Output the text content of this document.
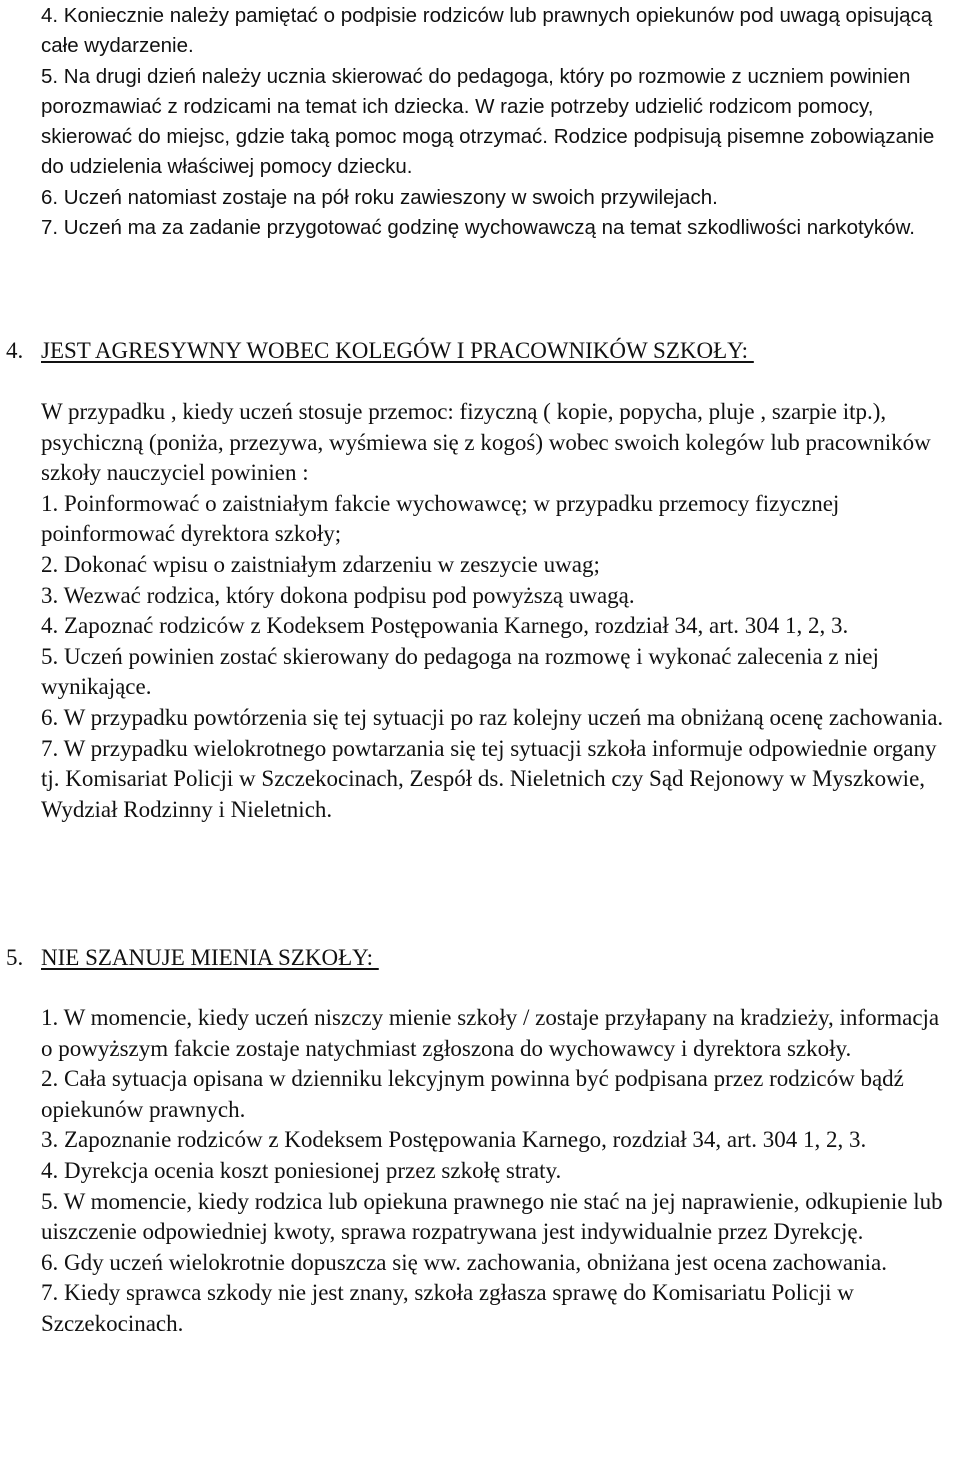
4. Koniecznie należy pamiętać o podpisie rodziców lub prawnych opiekunów pod uwagą opisującą całe wydarzenie.

5. Na drugi dzień należy ucznia skierować do pedagoga, który po rozmowie z uczniem powinien porozmawiać z rodzicami na temat ich dziecka. W razie potrzeby udzielić rodzicom pomocy, skierować do miejsc, gdzie taką pomoc mogą otrzymać. Rodzice podpisują pisemne zobowiązanie do udzielenia właściwej pomocy dziecku.

6. Uczeń natomiast zostaje na pół roku zawieszony w swoich przywilejach.

7. Uczeń ma za zadanie przygotować godzinę wychowawczą na temat szkodliwości narkotyków.

4. JEST AGRESYWNY WOBEC KOLEGÓW I PRACOWNIKÓW SZKOŁY:

W przypadku , kiedy uczeń stosuje przemoc: fizyczną ( kopie, popycha, pluje , szarpie itp.), psychiczną (poniża, przezywa, wyśmiewa się z kogoś) wobec swoich kolegów lub pracowników szkoły nauczyciel powinien :

1. Poinformować o zaistniałym fakcie wychowawcę; w przypadku przemocy fizycznej poinformować dyrektora szkoły;

2. Dokonać wpisu o zaistniałym zdarzeniu w zeszycie uwag;

3. Wezwać rodzica, który dokona podpisu pod powyższą uwagą.

4. Zapoznać rodziców z Kodeksem Postępowania Karnego, rozdział 34, art. 304 1, 2, 3.

5. Uczeń powinien zostać skierowany do pedagoga na rozmowę i wykonać zalecenia z niej wynikające.

6. W przypadku powtórzenia się tej sytuacji po raz kolejny uczeń ma obniżaną ocenę zachowania.

7. W przypadku wielokrotnego powtarzania się tej sytuacji szkoła informuje odpowiednie organy

tj. Komisariat Policji w Szczekocinach, Zespół ds. Nieletnich czy Sąd Rejonowy w Myszkowie, Wydział Rodzinny i Nieletnich.

5. NIE SZANUJE MIENIA SZKOŁY:

1. W momencie, kiedy uczeń niszczy mienie szkoły / zostaje przyłapany na kradzieży, informacja o powyższym fakcie zostaje natychmiast zgłoszona do wychowawcy i dyrektora szkoły.

2. Cała sytuacja opisana w dzienniku lekcyjnym powinna być podpisana przez rodziców bądź opiekunów prawnych.

3. Zapoznanie rodziców z Kodeksem Postępowania Karnego, rozdział 34, art. 304 1, 2, 3.

4. Dyrekcja ocenia koszt poniesionej przez szkołę straty.

5. W momencie, kiedy rodzica lub opiekuna prawnego nie stać na jej naprawienie, odkupienie lub uiszczenie odpowiedniej kwoty, sprawa rozpatrywana jest indywidualnie przez Dyrekcję.

6. Gdy uczeń wielokrotnie dopuszcza się ww. zachowania, obniżana jest ocena zachowania.

7. Kiedy sprawca szkody nie jest znany, szkoła zgłasza sprawę do Komisariatu Policji w Szczekocinach.
